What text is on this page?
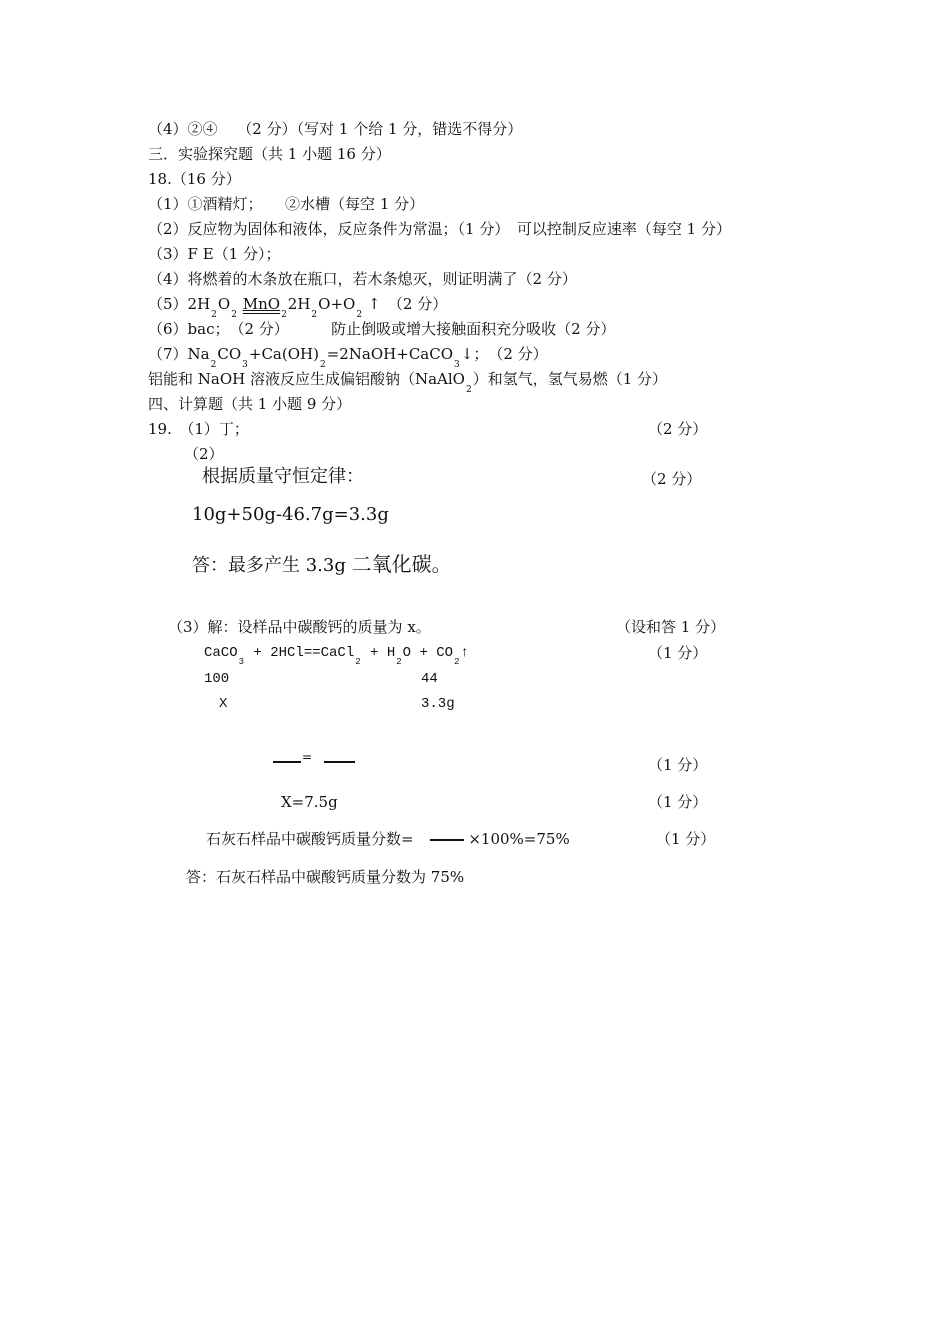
（4）②④　 （2 分）（写对 1 个给 1 分，错选不得分）
三．实验探究题（共 1 小题 16 分）
18.（16 分）
（1）①酒精灯；　　②水槽（每空 1 分）
（2）反应物为固体和液体，反应条件为常温；（1 分）　可以控制反应速率（每空 1 分）
（3）F E（1 分）；
（4）将燃着的木条放在瓶口，若木条熄灭，则证明满了（2 分）
$(5)2H_2O_2$ $MnO_22H_2O+O_2$ ↑　（2 分）
（6）bac；　（2 分）　　　 防止倒吸或增大接触面积充分吸收（2 分）
$(7)Na_2CO_3+Ca(OH)_2=2NaOH+CaCO_3↓$；　（2 分）
铝能和 NaOH 溶液反应生成偏铝酸钠（NaAlO$_2$）和氢气，氢气易燃（1 分）
四、计算题（共 1 小题 9 分）
19.　（1）丁；	（2 分）
（2）
根据质量守恒定律：	（2 分）
10g+50g-46.7g=3.3g
答：最多产生 3.3g 二氧化碳。
（3）解：设样品中碳酸钙的质量为 x。	（设和答 1 分）
CaCO$_3$ + 2HCl==CaCl$_2$ + $H_2O$ + $CO_2↑$	（1 分）
100	44
X	3.3g
=	（1 分）
X=7.5g	（1 分）
石灰石样品中碳酸钙质量分数=	×100%=75%	（1 分）
答：石灰石样品中碳酸钙质量分数为 75%
